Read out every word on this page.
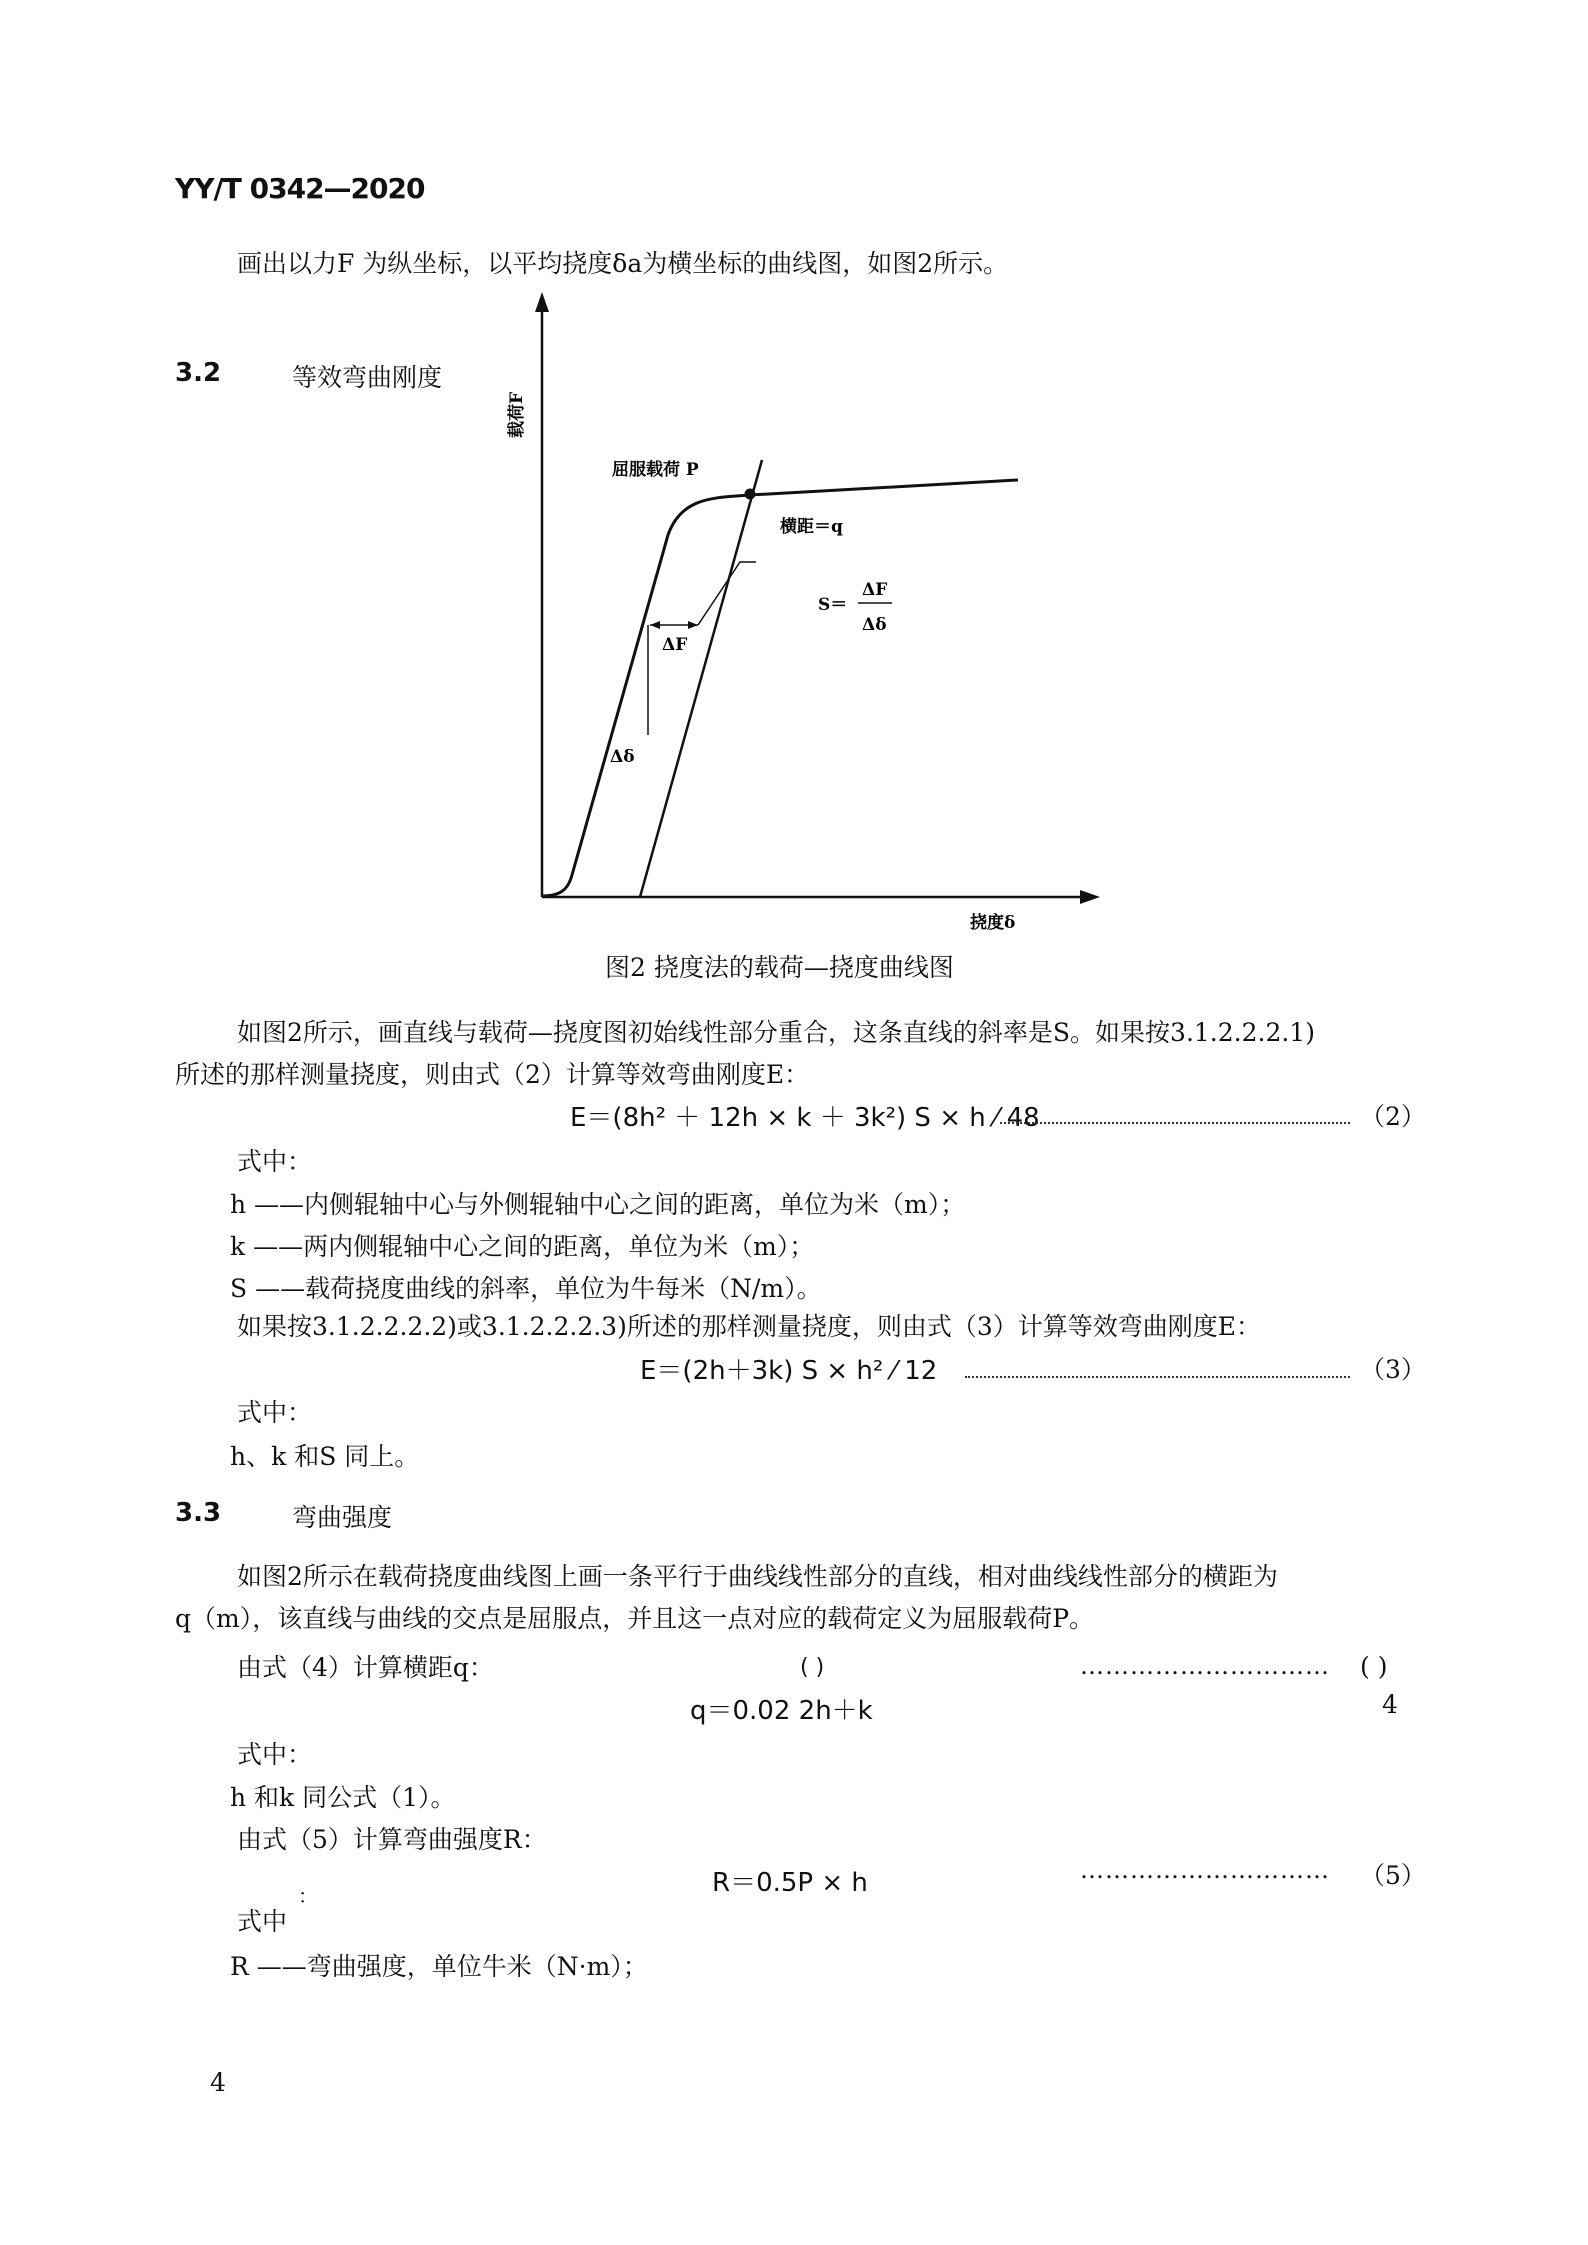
YY/T 0342—2020
画出以力F 为纵坐标，以平均挠度δa为横坐标的曲线图，如图2所示。
3.2	等效弯曲刚度
载荷F
挠度δ
屈服载荷 P
横距＝q
S＝
ΔF
Δδ
ΔF
Δδ
图2 挠度法的载荷—挠度曲线图
如图2所示，画直线与载荷—挠度图初始线性部分重合，这条直线的斜率是S。如果按3.1.2.2.2.1)
所述的那样测量挠度，则由式（2）计算等效弯曲刚度E：
E＝(8h² ＋ 12h × k ＋ 3k²) S × h ⁄ 48	（2）
式中：
h ——内侧辊轴中心与外侧辊轴中心之间的距离，单位为米（m）；
k ——两内侧辊轴中心之间的距离，单位为米（m）；
S ——载荷挠度曲线的斜率，单位为牛每米（N/m）。
如果按3.1.2.2.2.2)或3.1.2.2.2.3)所述的那样测量挠度，则由式（3）计算等效弯曲刚度E：
E＝(2h＋3k) S × h² ⁄ 12	（3）
式中：
h、k 和S 同上。
3.3	弯曲强度
如图2所示在载荷挠度曲线图上画一条平行于曲线线性部分的直线，相对曲线线性部分的横距为
q（m），该直线与曲线的交点是屈服点，并且这一点对应的载荷定义为屈服载荷P。
由式（4）计算横距q：	( )
q＝0.02 2h＋k
………………………… ( )
4
式中：
h 和k 同公式（1）。
由式（5）计算弯曲强度R：
R＝0.5P × h	………………………… （5）
：
式中
R ——弯曲强度，单位牛米（N·m）；
4
